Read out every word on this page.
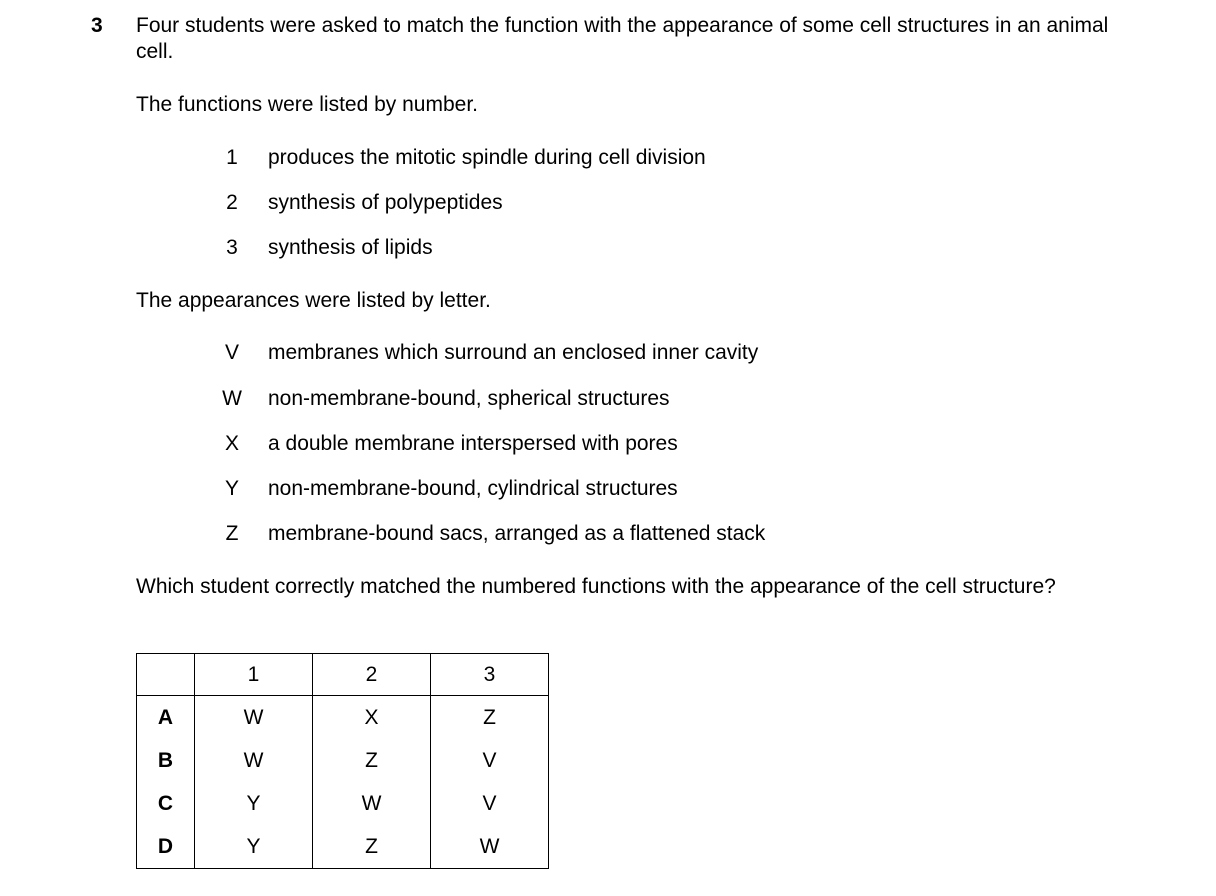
3 Four students were asked to match the function with the appearance of some cell structures in an animal cell.
The functions were listed by number.
1 produces the mitotic spindle during cell division
2 synthesis of polypeptides
3 synthesis of lipids
The appearances were listed by letter.
V membranes which surround an enclosed inner cavity
W non-membrane-bound, spherical structures
X a double membrane interspersed with pores
Y non-membrane-bound, cylindrical structures
Z membrane-bound sacs, arranged as a flattened stack
Which student correctly matched the numbered functions with the appearance of the cell structure?
	1	2	3
A	W	X	Z
B	W	Z	V
C	Y	W	V
D	Y	Z	W
